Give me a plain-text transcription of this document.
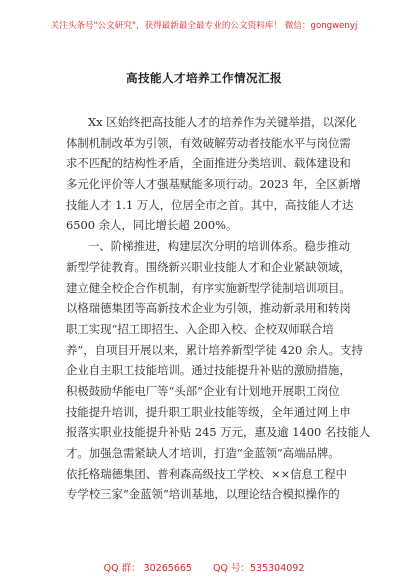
关注头条号"公文研究"，获得最新最全最专业的公文资料库！ 微信：gongwenyj
高技能人才培养工作情况汇报
Xx 区始终把高技能人才的培养作为关键举措，以深化
体制机制改革为引领，有效破解劳动者技能水平与岗位需
求不匹配的结构性矛盾，全面推进分类培训、载体建设和
多元化评价等人才强基赋能多项行动。2023 年，全区新增
技能人才 1.1 万人，位居全市之首。其中，高技能人才达
6500 余人，同比增长超 200%。
一、阶梯推进，构建层次分明的培训体系。稳步推动
新型学徒教育。围绕新兴职业技能人才和企业紧缺领域，
建立健全校企合作机制，有序实施新型学徒制培训项目。
以格瑞德集团等高新技术企业为引领，推动新录用和转岗
职工实现“招工即招生、入企即入校、企校双师联合培
养”，自项目开展以来，累计培养新型学徒 420 余人。支持
企业自主职工技能培训。通过技能提升补贴的激励措施，
积极鼓励华能电厂等“头部”企业有计划地开展职工岗位
技能提升培训，提升职工职业技能等级，全年通过网上申
报落实职业技能提升补贴 245 万元，惠及逾 1400 名技能人
才。加强急需紧缺人才培训，打造“金蓝领”高端品牌。
依托格瑞德集团、普利森高级技工学校、××信息工程中
专学校三家“金蓝领”培训基地，以理论结合模拟操作的
QQ 群： 30265665 QQ 号：535304092
